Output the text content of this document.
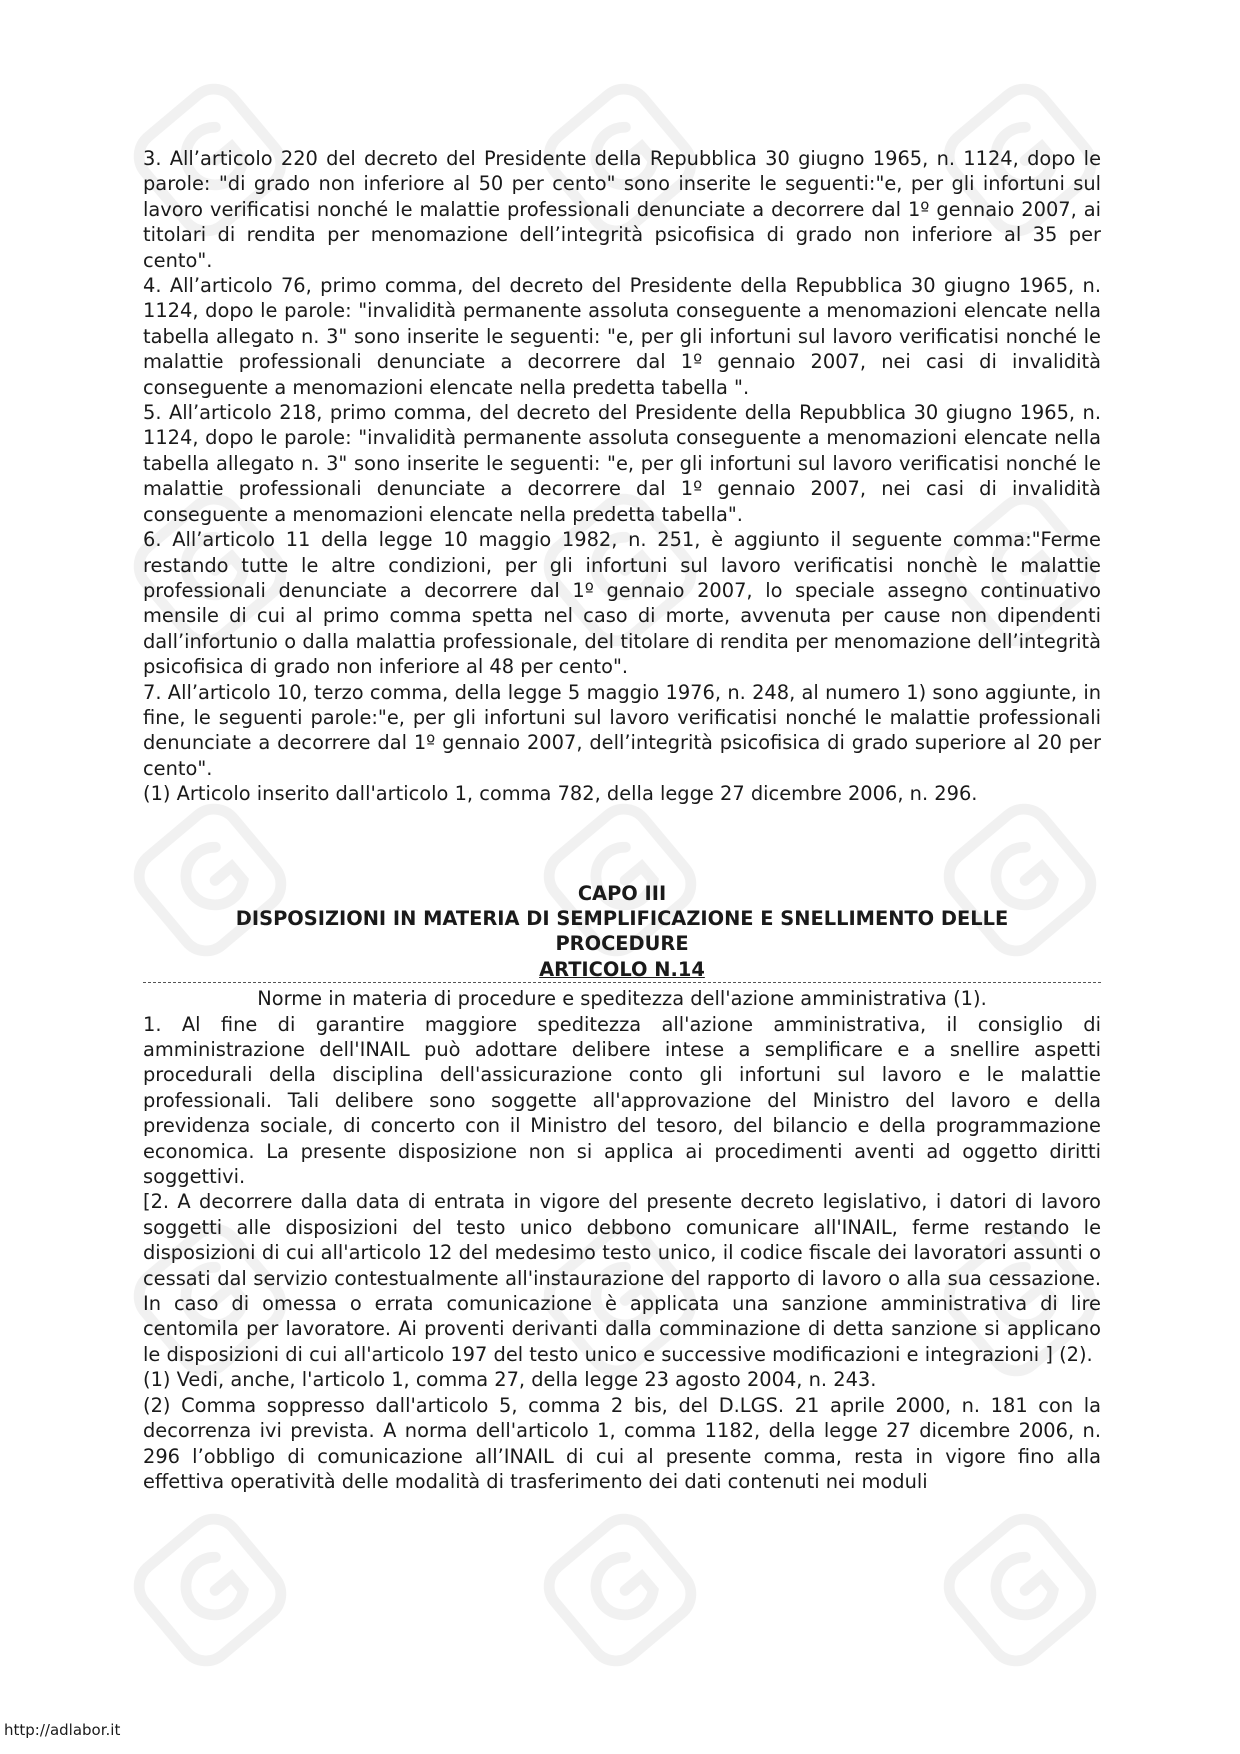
3. All’articolo 220 del decreto del Presidente della Repubblica 30 giugno 1965, n. 1124, dopo le parole: "di grado non inferiore al 50 per cento" sono inserite le seguenti:"e, per gli infortuni sul lavoro verificatisi nonché le malattie professionali denunciate a decorrere dal 1º gennaio 2007, ai titolari di rendita per menomazione dell’integrità psicofisica di grado non inferiore al 35 per cento".

4. All’articolo 76, primo comma, del decreto del Presidente della Repubblica 30 giugno 1965, n. 1124, dopo le parole: "invalidità permanente assoluta conseguente a menomazioni elencate nella tabella allegato n. 3" sono inserite le seguenti: "e, per gli infortuni sul lavoro verificatisi nonché le malattie professionali denunciate a decorrere dal 1º gennaio 2007, nei casi di invalidità conseguente a menomazioni elencate nella predetta tabella ".

5. All’articolo 218, primo comma, del decreto del Presidente della Repubblica 30 giugno 1965, n. 1124, dopo le parole: "invalidità permanente assoluta conseguente a menomazioni elencate nella tabella allegato n. 3" sono inserite le seguenti: "e, per gli infortuni sul lavoro verificatisi nonché le malattie professionali denunciate a decorrere dal 1º gennaio 2007, nei casi di invalidità conseguente a menomazioni elencate nella predetta tabella".

6. All’articolo 11 della legge 10 maggio 1982, n. 251, è aggiunto il seguente comma:"Ferme restando tutte le altre condizioni, per gli infortuni sul lavoro verificatisi nonchè le malattie professionali denunciate a decorrere dal 1º gennaio 2007, lo speciale assegno continuativo mensile di cui al primo comma spetta nel caso di morte, avvenuta per cause non dipendenti dall’infortunio o dalla malattia professionale, del titolare di rendita per menomazione dell’integrità psicofisica di grado non inferiore al 48 per cento".

7. All’articolo 10, terzo comma, della legge 5 maggio 1976, n. 248, al numero 1) sono aggiunte, in fine, le seguenti parole:"e, per gli infortuni sul lavoro verificatisi nonché le malattie professionali denunciate a decorrere dal 1º gennaio 2007, dell’integrità psicofisica di grado superiore al 20 per cento".

(1) Articolo inserito dall'articolo 1, comma 782, della legge 27 dicembre 2006, n. 296.

CAPO III

DISPOSIZIONI IN MATERIA DI SEMPLIFICAZIONE E SNELLIMENTO DELLE

PROCEDURE

ARTICOLO N.14

Norme in materia di procedure e speditezza dell'azione amministrativa (1).

1. Al fine di garantire maggiore speditezza all'azione amministrativa, il consiglio di amministrazione dell'INAIL può adottare delibere intese a semplificare e a snellire aspetti procedurali della disciplina dell'assicurazione conto gli infortuni sul lavoro e le malattie professionali. Tali delibere sono soggette all'approvazione del Ministro del lavoro e della previdenza sociale, di concerto con il Ministro del tesoro, del bilancio e della programmazione economica. La presente disposizione non si applica ai procedimenti aventi ad oggetto diritti soggettivi.

[2. A decorrere dalla data di entrata in vigore del presente decreto legislativo, i datori di lavoro soggetti alle disposizioni del testo unico debbono comunicare all'INAIL, ferme restando le disposizioni di cui all'articolo 12 del medesimo testo unico, il codice fiscale dei lavoratori assunti o cessati dal servizio contestualmente all'instaurazione del rapporto di lavoro o alla sua cessazione. In caso di omessa o errata comunicazione è applicata una sanzione amministrativa di lire centomila per lavoratore. Ai proventi derivanti dalla comminazione di detta sanzione si applicano le disposizioni di cui all'articolo 197 del testo unico e successive modificazioni e integrazioni ] (2).

(1) Vedi, anche, l'articolo 1, comma 27, della legge 23 agosto 2004, n. 243.

(2) Comma soppresso dall'articolo 5, comma 2 bis, del D.LGS. 21 aprile 2000, n. 181 con la decorrenza ivi prevista. A norma dell'articolo 1, comma 1182, della legge 27 dicembre 2006, n. 296 l’obbligo di comunicazione all’INAIL di cui al presente comma, resta in vigore fino alla effettiva operatività delle modalità di trasferimento dei dati contenuti nei moduli

http://adlabor.it
